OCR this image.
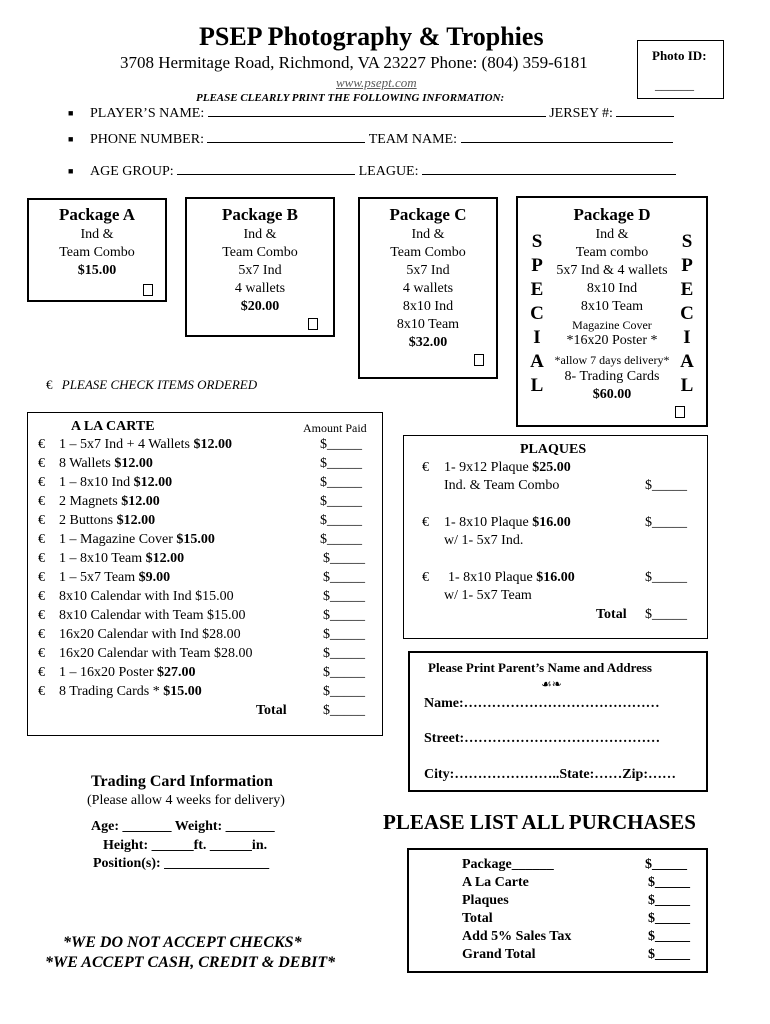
PSEP Photography & Trophies
3708 Hermitage Road, Richmond, VA 23227 Phone: (804) 359-6181
www.psept.com
PLEASE CLEARLY PRINT THE FOLLOWING INFORMATION:
Photo ID:
______
■ PLAYER’S NAME:	JERSEY #:
■ PHONE NUMBER:	TEAM NAME:
■ AGE GROUP:	LEAGUE:
Package A
Ind &
Team Combo
$15.00
Package B
Ind &
Team Combo
5x7 Ind
4 wallets
$20.00
Package C
Ind &
Team Combo
5x7 Ind
4 wallets
8x10 Ind
8x10 Team
$32.00
Package D
Ind &
Team combo
5x7 Ind & 4 wallets
8x10 Ind
8x10 Team
Magazine Cover
*16x20 Poster *
*allow 7 days delivery*
8- Trading Cards
$60.00
S
P
E
C
I
A
L
S
P
E
C
I
A
L
€ PLEASE CHECK ITEMS ORDERED
A LA CARTE	Amount Paid
€ 1 – 5x7 Ind + 4 Wallets $12.00	$_____
€ 8 Wallets $12.00	$_____
€ 1 – 8x10 Ind $12.00	$_____
€ 2 Magnets $12.00	$_____
€ 2 Buttons $12.00	$_____
€ 1 – Magazine Cover $15.00	$_____
€ 1 – 8x10 Team $12.00	$_____
€ 1 – 5x7 Team $9.00	$_____
€ 8x10 Calendar with Ind $15.00	$_____
€ 8x10 Calendar with Team $15.00	$_____
€ 16x20 Calendar with Ind $28.00	$_____
€ 16x20 Calendar with Team $28.00	$_____
€ 1 – 16x20 Poster $27.00	$_____
€ 8 Trading Cards * $15.00	$_____
Total	$_____
PLAQUES
€ 1- 9x12 Plaque $25.00
Ind. & Team Combo	$_____
€ 1- 8x10 Plaque $16.00
w/ 1- 5x7 Ind.
$_____
€ 1- 8x10 Plaque $16.00
w/ 1- 5x7 Team
$_____
Total $_____
Please Print Parent’s Name and Address
☙❧
Name:……………………………………
Street:……………………………………
City:…………………..State:……Zip:……
Trading Card Information
(Please allow 4 weeks for delivery)
Age: _______ Weight: _______
Height: ______ft. ______in.
Position(s): _______________
PLEASE LIST ALL PURCHASES
Package______	$_____
A La Carte	$_____
Plaques	$_____
Total	$_____
Add 5% Sales Tax	$_____
Grand Total	$_____
*WE DO NOT ACCEPT CHECKS*
*WE ACCEPT CASH, CREDIT & DEBIT*
